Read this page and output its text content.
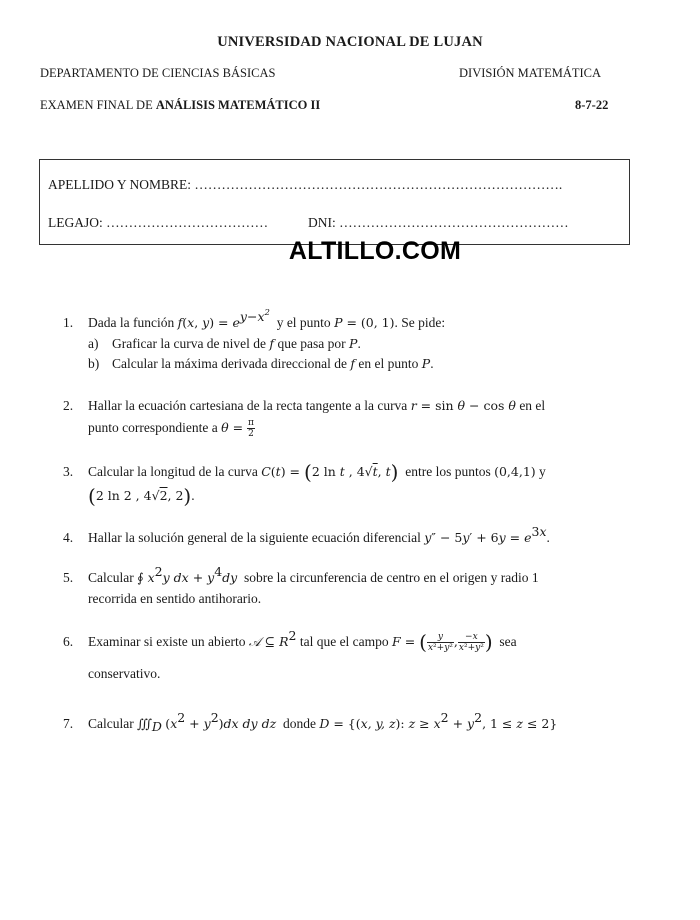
UNIVERSIDAD NACIONAL DE LUJAN
DEPARTAMENTO DE CIENCIAS BÁSICAS	DIVISIÓN MATEMÁTICA
EXAMEN FINAL DE ANÁLISIS MATEMÁTICO II	8-7-22
APELLIDO Y NOMBRE: ……………………………………………………………………….
LEGAJO: ………………………………	DNI: ……………………………………………
ALTILLO.COM
1.	Dada la función f(x, $y) = e^{y-x^2}$  y el punto P = (0, 1). Se pide:
a) Graficar la curva de nivel de f que pasa por P.
b) Calcular la máxima derivada direccional de f en el punto P.
2.	Hallar la ecuación cartesiana de la recta tangente a la curva r = sin θ − cos θ en el
punto correspondiente a $\theta = \frac{\pi}{2}$
3.	Calcular la longitud de la curva C(t) = (2 ln t , 4√t, t) entre los puntos (0,4,1) y
(2 ln 2 , 4√2, 2).
4.	Hallar la solución general de la siguiente ecuación diferencial $y'' - 5y' + 6y = e^{3x}$.
5.	Calcular ∮ $x^2y$ dx + $y^4dy$ sobre la circunferencia de centro en el origen y radio 1
recorrida en sentido antihorario.
6.	Examinar si existe un abierto 𝒜 ⊆ $R^2$ tal que el campo F = ( $\frac{y}{\text{x²+y²}}$ , $\frac{-x}{\text{x²+y²}}$ ) sea
conservativo.
7.	Calcular $∭_D$ $(x^2 + y^2)dx$ dy dz donde D = {(x, y, z): $z \ge x^2 + y^2$, 1 ≤ z ≤ 2}
